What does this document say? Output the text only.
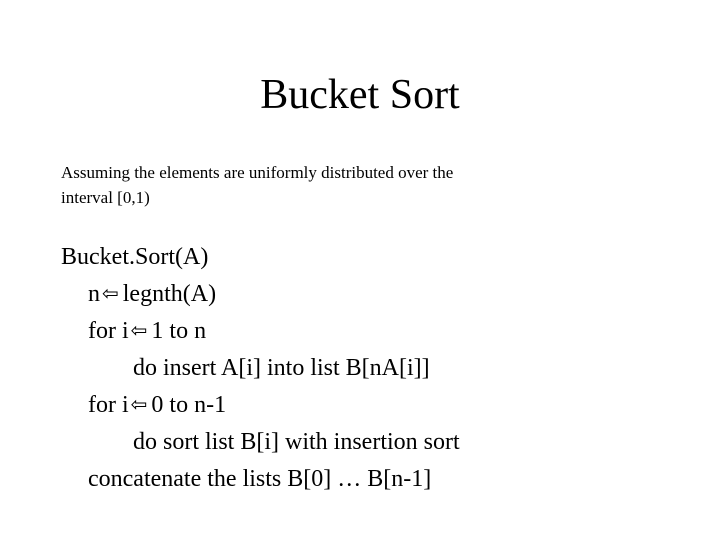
Bucket Sort
Assuming the elements are uniformly distributed over the
interval [0,1)
Bucket.Sort(A)
n ⇦ legnth(A)
for i ⇦ 1 to n
do insert A[i] into list B[nA[i]]
for i ⇦ 0 to n-1
do sort list B[i] with insertion sort
concatenate the lists B[0] … B[n-1]
